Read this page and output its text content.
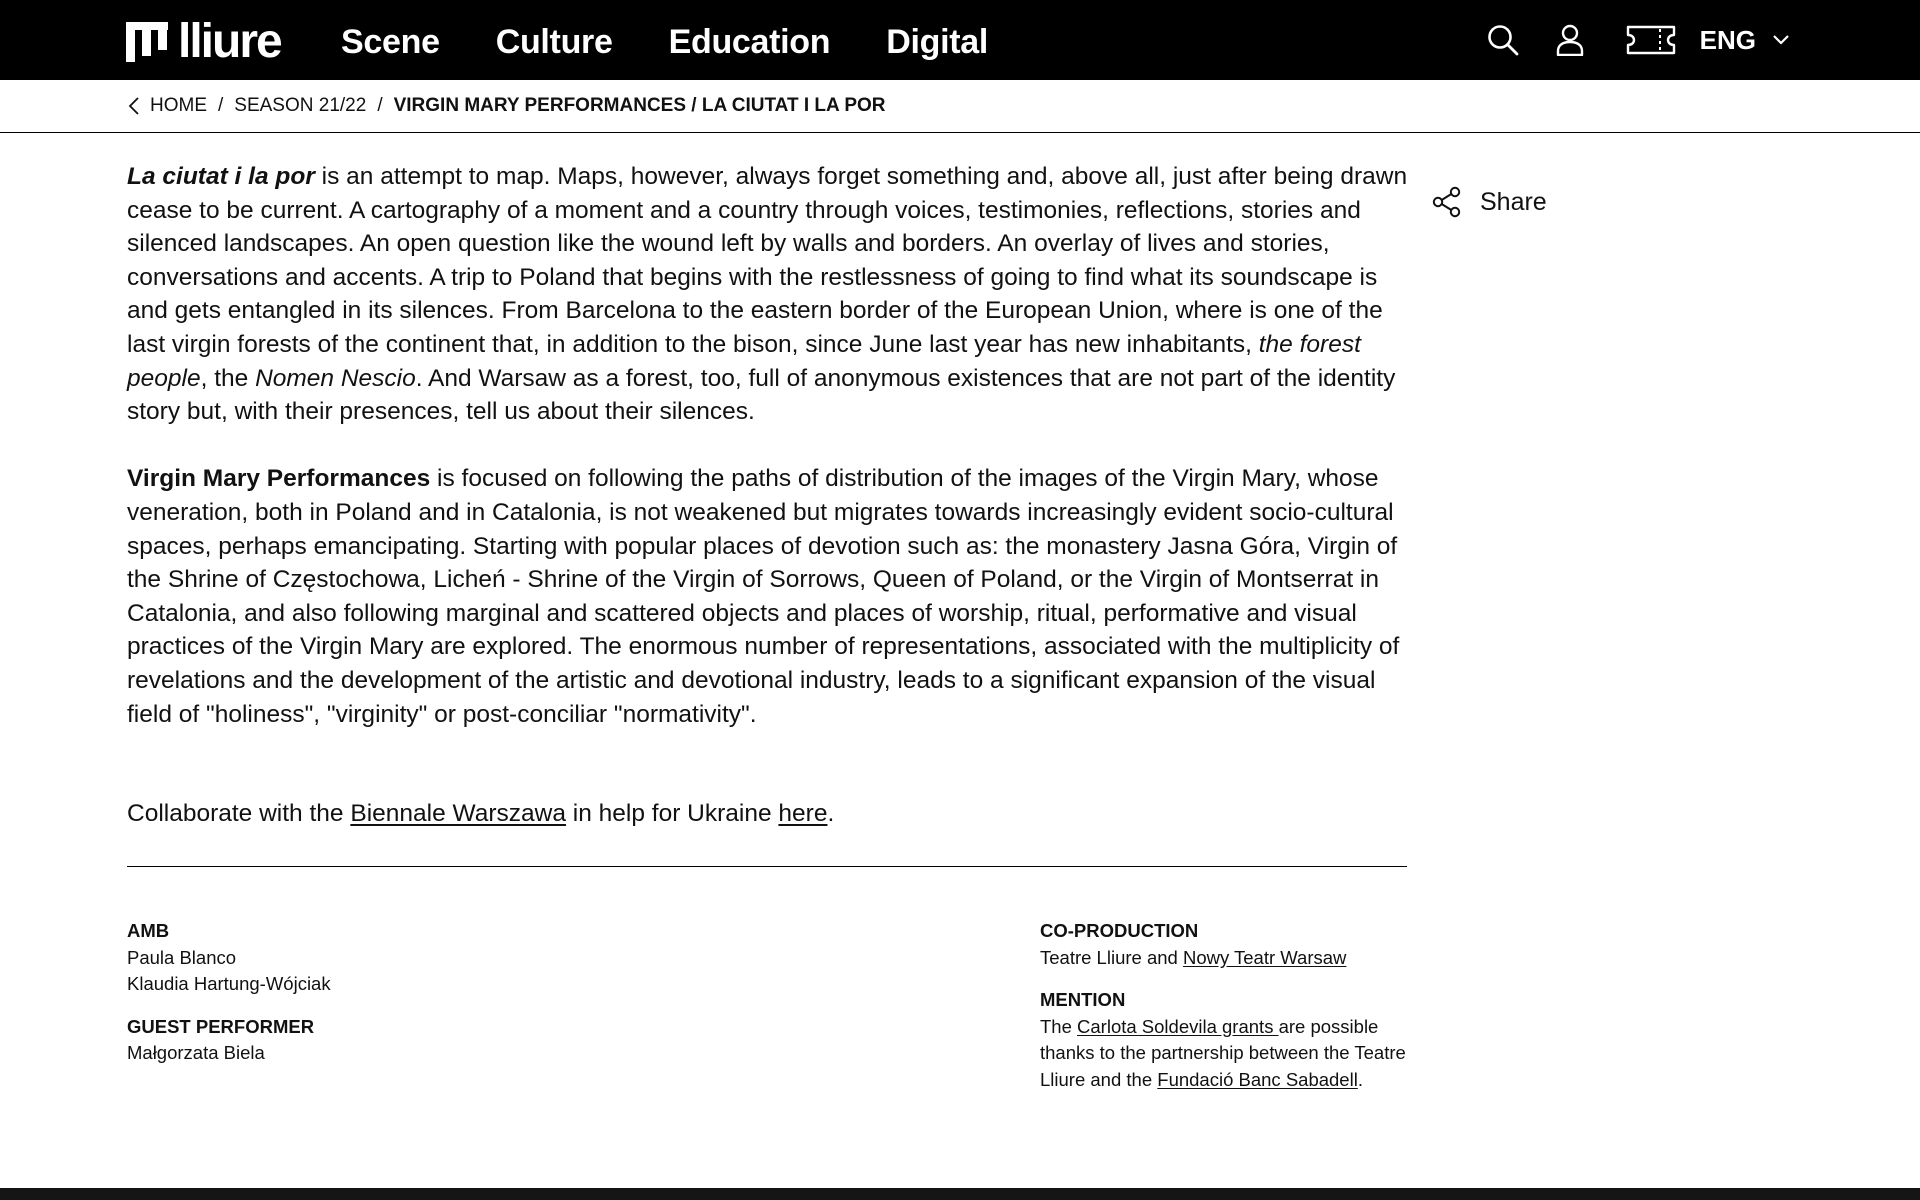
lliure Scene Culture Education Digital	ENG
HOME / SEASON 21/22 / VIRGIN MARY PERFORMANCES / LA CIUTAT I LA POR
Share

La ciutat i la por is an attempt to map. Maps, however, always forget something and, above all, just after being drawn cease to be current. A cartography of a moment and a country through voices, testimonies, reflections, stories and silenced landscapes. An open question like the wound left by walls and borders. An overlay of lives and stories, conversations and accents. A trip to Poland that begins with the restlessness of going to find what its soundscape is and gets entangled in its silences. From Barcelona to the eastern border of the European Union, where is one of the last virgin forests of the continent that, in addition to the bison, since June last year has new inhabitants, the forest people, the Nomen Nescio. And Warsaw as a forest, too, full of anonymous existences that are not part of the identity story but, with their presences, tell us about their silences.

Virgin Mary Performances is focused on following the paths of distribution of the images of the Virgin Mary, whose veneration, both in Poland and in Catalonia, is not weakened but migrates towards increasingly evident socio-cultural spaces, perhaps emancipating. Starting with popular places of devotion such as: the monastery Jasna Góra, Virgin of the Shrine of Częstochowa, Licheń - Shrine of the Virgin of Sorrows, Queen of Poland, or the Virgin of Montserrat in Catalonia, and also following marginal and scattered objects and places of worship, ritual, performative and visual practices of the Virgin Mary are explored. The enormous number of representations, associated with the multiplicity of revelations and the development of the artistic and devotional industry, leads to a significant expansion of the visual field of "holiness", "virginity" or post-conciliar "normativity".

Collaborate with the Biennale Warszawa in help for Ukraine here.

AMB
Paula Blanco
Klaudia Hartung-Wójciak
GUEST PERFORMER
Małgorzata Biela
CO-PRODUCTION
Teatre Lliure and Nowy Teatr Warsaw
MENTION
The Carlota Soldevila grants are possible thanks to the partnership between the Teatre Lliure and the Fundació Banc Sabadell.
